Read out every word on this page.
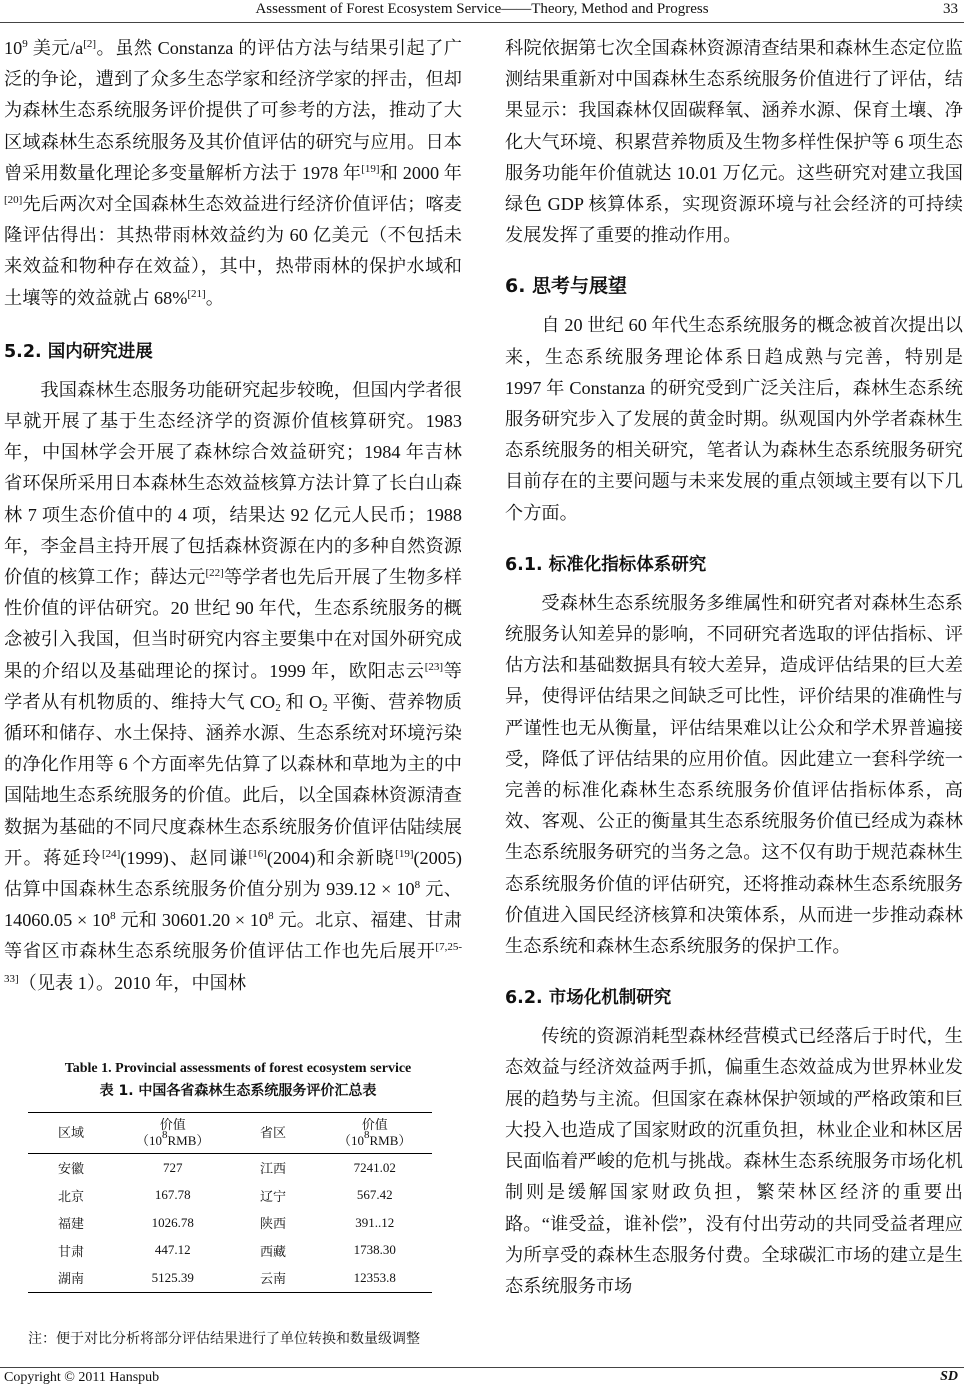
Assessment of Forest Ecosystem Service——Theory, Method and Progress	33

$10^9$ 美元/a[2]。虽然 Constanza 的评估方法与结果引起了广泛的争论，遭到了众多生态学家和经济学家的抨击，但却为森林生态系统服务评价提供了可参考的方法，推动了大区域森林生态系统服务及其价值评估的研究与应用。日本曾采用数量化理论多变量解析方法于 1978 年[19]和 2000 年[20]先后两次对全国森林生态效益进行经济价值评估；喀麦隆评估得出：其热带雨林效益约为 60 亿美元（不包括未来效益和物种存在效益），其中，热带雨林的保护水域和土壤等的效益就占 68%[21]。

5.2. 国内研究进展

我国森林生态服务功能研究起步较晚，但国内学者很早就开展了基于生态经济学的资源价值核算研究。1983 年，中国林学会开展了森林综合效益研究；1984 年吉林省环保所采用日本森林生态效益核算方法计算了长白山森林 7 项生态价值中的 4 项，结果达 92 亿元人民币；1988 年，李金昌主持开展了包括森林资源在内的多种自然资源价值的核算工作；薛达元[22]等学者也先后开展了生物多样性价值的评估研究。20 世纪 90 年代，生态系统服务的概念被引入我国，但当时研究内容主要集中在对国外研究成果的介绍以及基础理论的探讨。1999 年，欧阳志云[23]等学者从有机物质的、维持大气 $CO_2$ 和 $O_2$ 平衡、营养物质循环和储存、水土保持、涵养水源、生态系统对环境污染的净化作用等 6 个方面率先估算了以森林和草地为主的中国陆地生态系统服务的价值。此后，以全国森林资源清查数据为基础的不同尺度森林生态系统服务价值评估陆续展开。蒋延玲[24](1999)、赵同谦[16](2004)和余新晓[19](2005) 估算中国森林生态系统服务价值分别为 $939.12 \times 10^8$ 元、$14060.05 \times 10^8$ 元和 $30601.20 \times 10^8$ 元。北京、福建、甘肃等省区市森林生态系统服务价值评估工作也先后展开[7,25-33]（见表 1）。2010 年，中国林

Table 1. Provincial assessments of forest ecosystem service
表 1. 中国各省森林生态系统服务评价汇总表
区域	价值
$(10^8RMB)$	省区	价值
$(10^8RMB)$
安徽	727	江西	7241.02
北京	167.78	辽宁	567.42
福建	1026.78	陕西	391..12
甘肃	447.12	西藏	1738.30
湖南	5125.39	云南	12353.8
注：便于对比分析将部分评估结果进行了单位转换和数量级调整

科院依据第七次全国森林资源清查结果和森林生态定位监测结果重新对中国森林生态系统服务价值进行了评估，结果显示：我国森林仅固碳释氧、涵养水源、保育土壤、净化大气环境、积累营养物质及生物多样性保护等 6 项生态服务功能年价值就达 10.01 万亿元。这些研究对建立我国绿色 GDP 核算体系，实现资源环境与社会经济的可持续发展发挥了重要的推动作用。

6. 思考与展望

自 20 世纪 60 年代生态系统服务的概念被首次提出以来，生态系统服务理论体系日趋成熟与完善，特别是 1997 年 Constanza 的研究受到广泛关注后，森林生态系统服务研究步入了发展的黄金时期。纵观国内外学者森林生态系统服务的相关研究，笔者认为森林生态系统服务研究目前存在的主要问题与未来发展的重点领域主要有以下几个方面。

6.1. 标准化指标体系研究

受森林生态系统服务多维属性和研究者对森林生态系统服务认知差异的影响，不同研究者选取的评估指标、评估方法和基础数据具有较大差异，造成评估结果的巨大差异，使得评估结果之间缺乏可比性，评价结果的准确性与严谨性也无从衡量，评估结果难以让公众和学术界普遍接受，降低了评估结果的应用价值。因此建立一套科学统一完善的标准化森林生态系统服务价值评估指标体系，高效、客观、公正的衡量其生态系统服务价值已经成为森林生态系统服务研究的当务之急。这不仅有助于规范森林生态系统服务价值的评估研究，还将推动森林生态系统服务价值进入国民经济核算和决策体系，从而进一步推动森林生态系统和森林生态系统服务的保护工作。

6.2. 市场化机制研究

传统的资源消耗型森林经营模式已经落后于时代，生态效益与经济效益两手抓，偏重生态效益成为世界林业发展的趋势与主流。但国家在森林保护领域的严格政策和巨大投入也造成了国家财政的沉重负担，林业企业和林区居民面临着严峻的危机与挑战。森林生态系统服务市场化机制则是缓解国家财政负担，繁荣林区经济的重要出路。“谁受益，谁补偿”，没有付出劳动的共同受益者理应为所享受的森林生态服务付费。全球碳汇市场的建立是生态系统服务市场

Copyright © 2011 Hanspub	SD
